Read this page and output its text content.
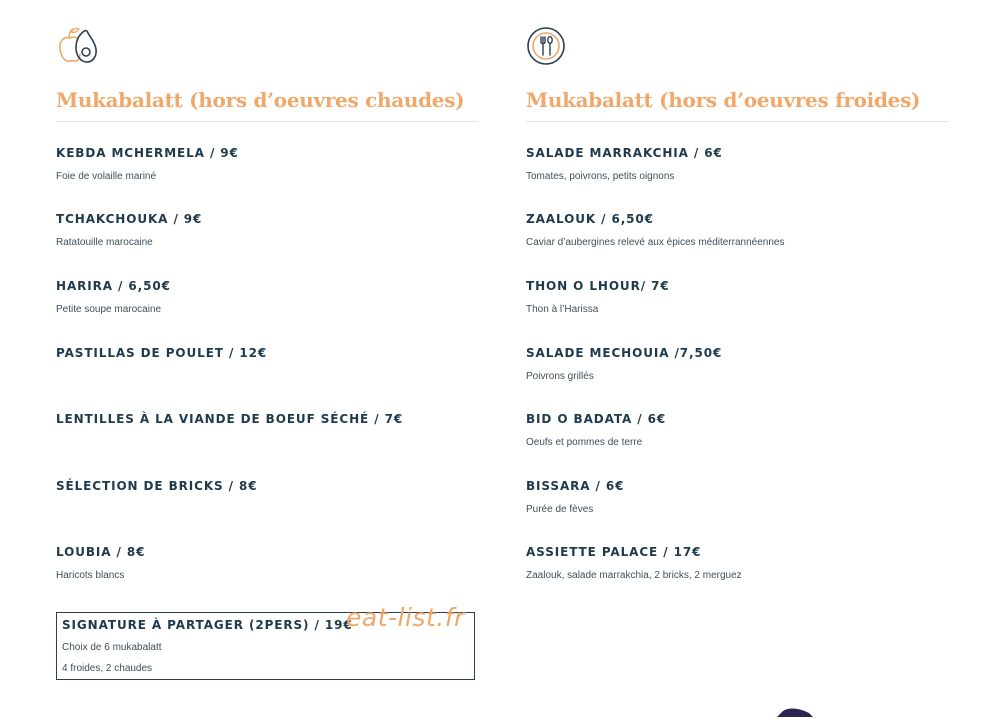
Mukabalatt (hors d’oeuvres chaudes)
KEBDA MCHERMELA / 9€
Foie de volaille mariné
TCHAKCHOUKA / 9€
Ratatouille marocaine
HARIRA / 6,50€
Petite soupe marocaine
PASTILLAS DE POULET / 12€
LENTILLES À LA VIANDE DE BOEUF SÉCHÉ / 7€
SÉLECTION DE BRICKS / 8€
LOUBIA / 8€
Haricots blancs
SIGNATURE À PARTAGER (2PERS) / 19€
Choix de 6 mukabalatt
4 froides, 2 chaudes
Mukabalatt (hors d’oeuvres froides)
SALADE MARRAKCHIA / 6€
Tomates, poivrons, petits oignons
ZAALOUK / 6,50€
Caviar d’aubergines relevé aux épices méditerrannéennes
THON O LHOUR/ 7€
Thon à l’Harissa
SALADE MECHOUIA /7,50€
Poivrons grillés
BID O BADATA / 6€
Oeufs et pommes de terre
BISSARA / 6€
Purée de fèves
ASSIETTE PALACE / 17€
Zaalouk, salade marrakchia, 2 bricks, 2 merguez
eat-list.fr
